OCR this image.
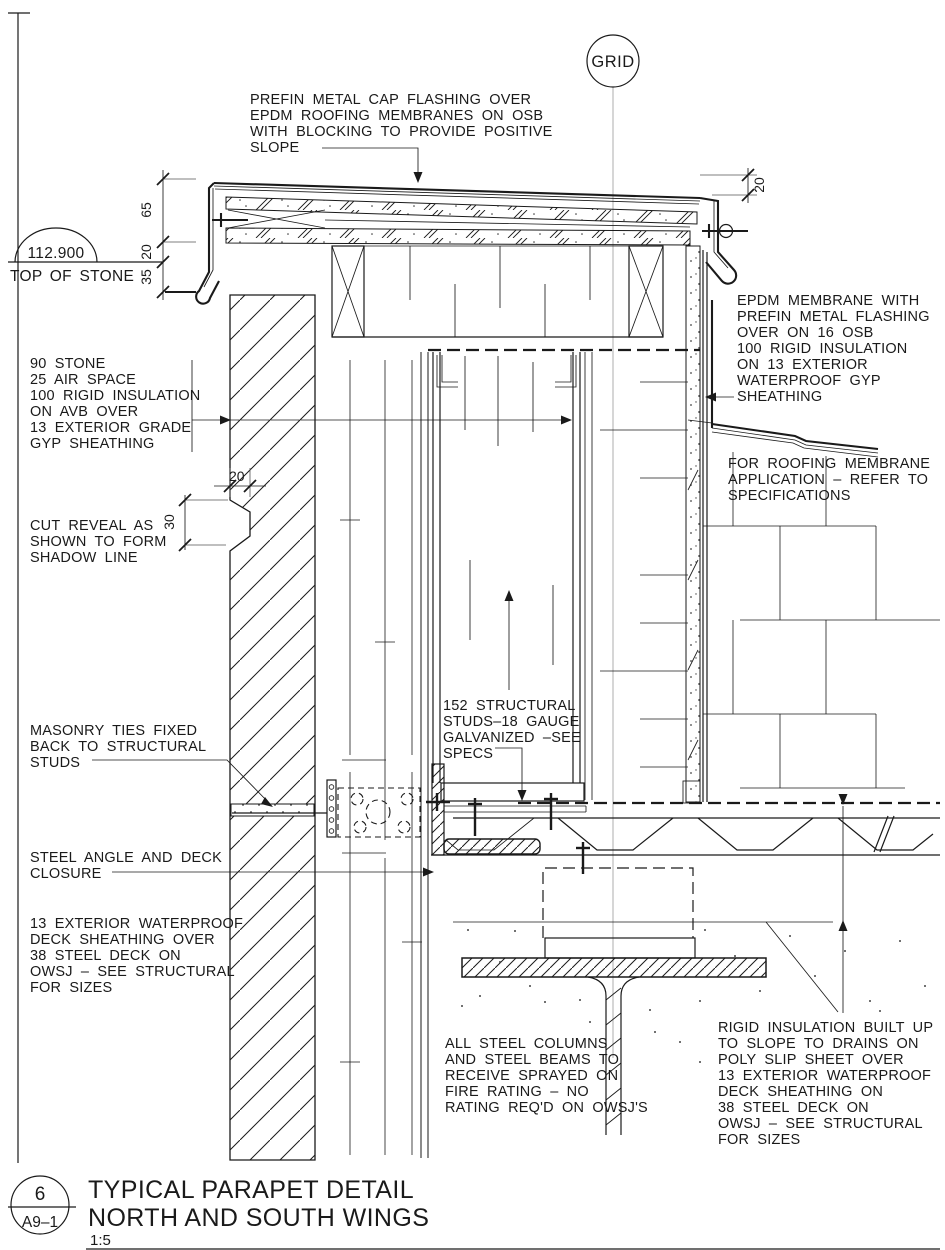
GRID
112.900
TOP OF STONE
65
20
35
20
20
30
PREFIN METAL CAP FLASHING OVER
EPDM ROOFING MEMBRANES ON OSB
WITH BLOCKING TO PROVIDE POSITIVE
SLOPE
90 STONE
25 AIR SPACE
100 RIGID INSULATION
ON AVB OVER
13 EXTERIOR GRADE
GYP SHEATHING
CUT REVEAL AS
SHOWN TO FORM
SHADOW LINE
EPDM MEMBRANE WITH
PREFIN METAL FLASHING
OVER ON 16 OSB
100 RIGID INSULATION
ON 13 EXTERIOR
WATERPROOF GYP
SHEATHING
FOR ROOFING MEMBRANE
APPLICATION – REFER TO
SPECIFICATIONS
152 STRUCTURAL
STUDS–18 GAUGE
GALVANIZED –SEE
SPECS
MASONRY TIES FIXED
BACK TO STRUCTURAL
STUDS
STEEL ANGLE AND DECK
CLOSURE
13 EXTERIOR WATERPROOF
DECK SHEATHING OVER
38 STEEL DECK ON
OWSJ – SEE STRUCTURAL
FOR SIZES
ALL STEEL COLUMNS
AND STEEL BEAMS TO
RECEIVE SPRAYED ON
FIRE RATING – NO
RATING REQ'D ON OWSJ'S
RIGID INSULATION BUILT UP
TO SLOPE TO DRAINS ON
POLY SLIP SHEET OVER
13 EXTERIOR WATERPROOF
DECK SHEATHING ON
38 STEEL DECK ON
OWSJ – SEE STRUCTURAL
FOR SIZES
6
A9–1
TYPICAL PARAPET DETAIL
NORTH AND SOUTH WINGS
1:5
